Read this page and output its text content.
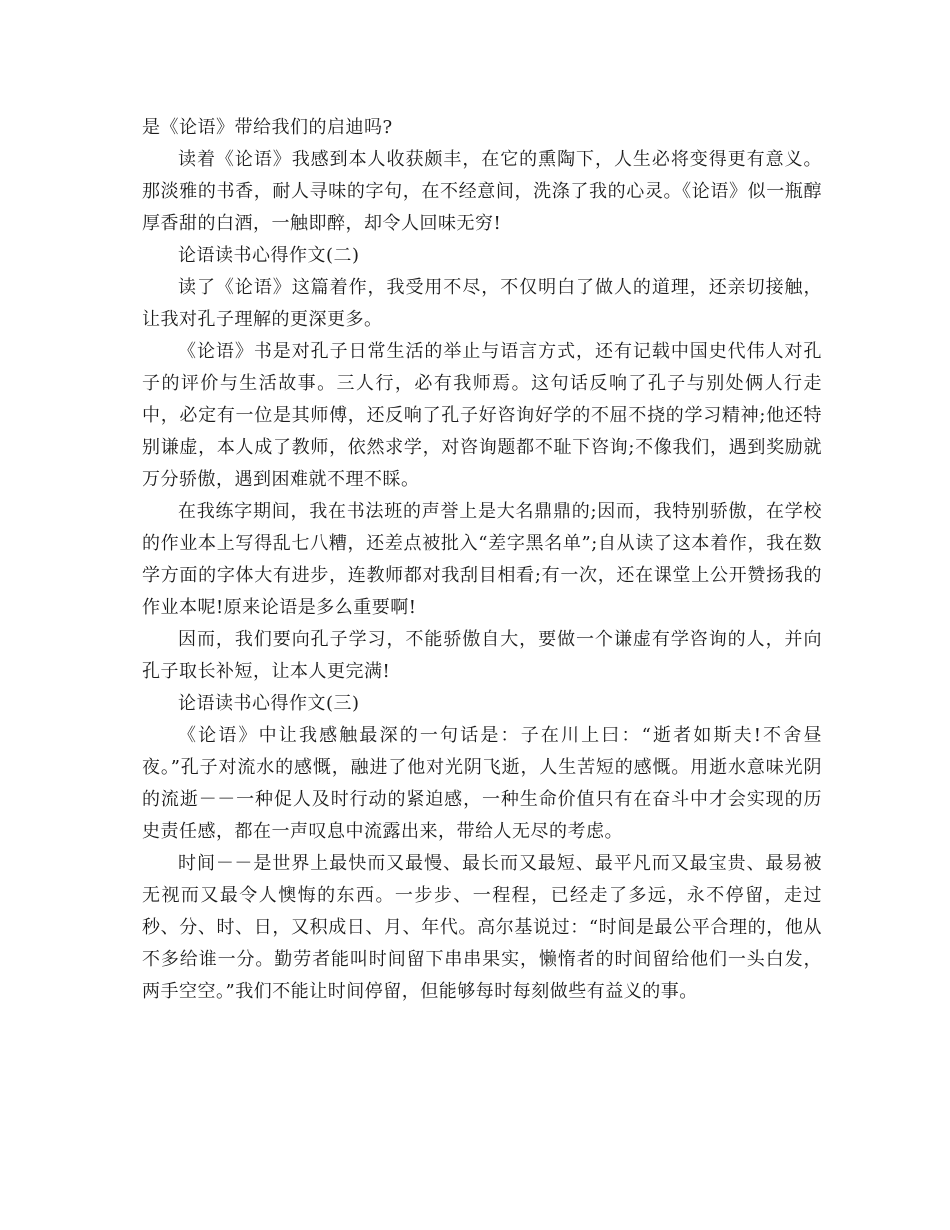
是《论语》带给我们的启迪吗?

读着《论语》我感到本人收获颇丰，在它的熏陶下，人生必将变得更有意义。那淡雅的书香，耐人寻味的字句，在不经意间，洗涤了我的心灵。《论语》似一瓶醇厚香甜的白酒，一触即醉，却令人回味无穷!

论语读书心得作文(二)

读了《论语》这篇着作，我受用不尽，不仅明白了做人的道理，还亲切接触，让我对孔子理解的更深更多。

《论语》书是对孔子日常生活的举止与语言方式，还有记载中国史代伟人对孔子的评价与生活故事。三人行，必有我师焉。这句话反响了孔子与别处俩人行走中，必定有一位是其师傅，还反响了孔子好咨询好学的不屈不挠的学习精神;他还特别谦虚，本人成了教师，依然求学，对咨询题都不耻下咨询;不像我们，遇到奖励就万分骄傲，遇到困难就不理不睬。

在我练字期间，我在书法班的声誉上是大名鼎鼎的;因而，我特别骄傲，在学校的作业本上写得乱七八糟，还差点被批入“差字黑名单”;自从读了这本着作，我在数学方面的字体大有进步，连教师都对我刮目相看;有一次，还在课堂上公开赞扬我的作业本呢!原来论语是多么重要啊!

因而，我们要向孔子学习，不能骄傲自大，要做一个谦虚有学咨询的人，并向孔子取长补短，让本人更完满!

论语读书心得作文(三)

《论语》中让我感触最深的一句话是：子在川上曰：“逝者如斯夫!不舍昼夜。”孔子对流水的感慨，融进了他对光阴飞逝，人生苦短的感慨。用逝水意味光阴的流逝－－一种促人及时行动的紧迫感，一种生命价值只有在奋斗中才会实现的历史责任感，都在一声叹息中流露出来，带给人无尽的考虑。

时间－－是世界上最快而又最慢、最长而又最短、最平凡而又最宝贵、最易被无视而又最令人懊悔的东西。一步步、一程程，已经走了多远，永不停留，走过秒、分、时、日，又积成日、月、年代。高尔基说过：“时间是最公平合理的，他从不多给谁一分。勤劳者能叫时间留下串串果实，懒惰者的时间留给他们一头白发，两手空空。”我们不能让时间停留，但能够每时每刻做些有益义的事。
